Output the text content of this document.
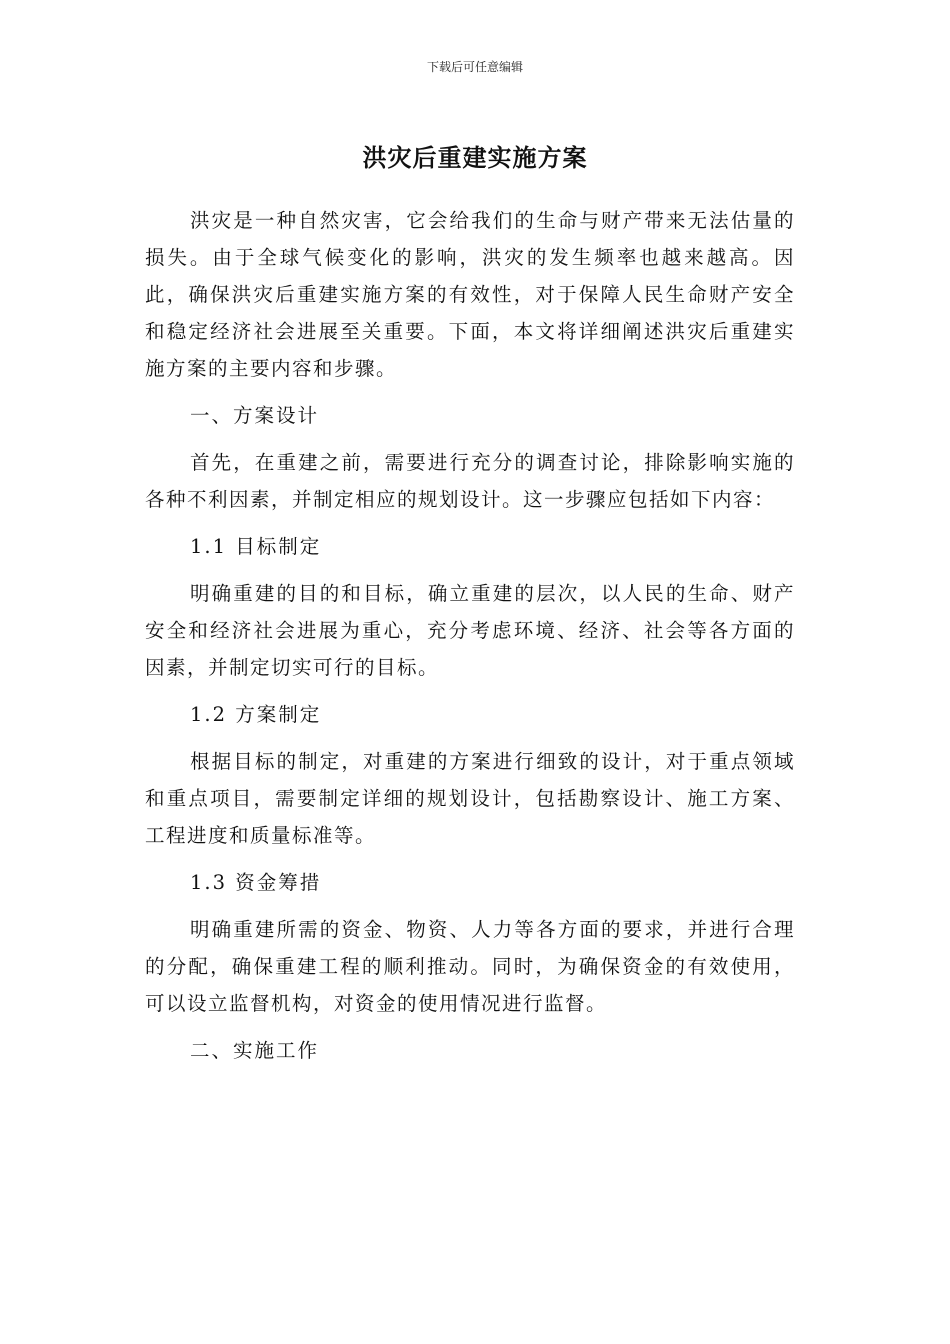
下载后可任意编辑
洪灾后重建实施方案

洪灾是一种自然灾害，它会给我们的生命与财产带来无法估量的损失。由于全球气候变化的影响，洪灾的发生频率也越来越高。因此，确保洪灾后重建实施方案的有效性，对于保障人民生命财产安全和稳定经济社会进展至关重要。下面，本文将详细阐述洪灾后重建实施方案的主要内容和步骤。

一、方案设计

首先，在重建之前，需要进行充分的调查讨论，排除影响实施的各种不利因素，并制定相应的规划设计。这一步骤应包括如下内容：

1.1 目标制定

明确重建的目的和目标，确立重建的层次，以人民的生命、财产安全和经济社会进展为重心，充分考虑环境、经济、社会等各方面的因素，并制定切实可行的目标。

1.2 方案制定

根据目标的制定，对重建的方案进行细致的设计，对于重点领域和重点项目，需要制定详细的规划设计，包括勘察设计、施工方案、工程进度和质量标准等。

1.3 资金筹措

明确重建所需的资金、物资、人力等各方面的要求，并进行合理的分配，确保重建工程的顺利推动。同时，为确保资金的有效使用，可以设立监督机构，对资金的使用情况进行监督。

二、实施工作
